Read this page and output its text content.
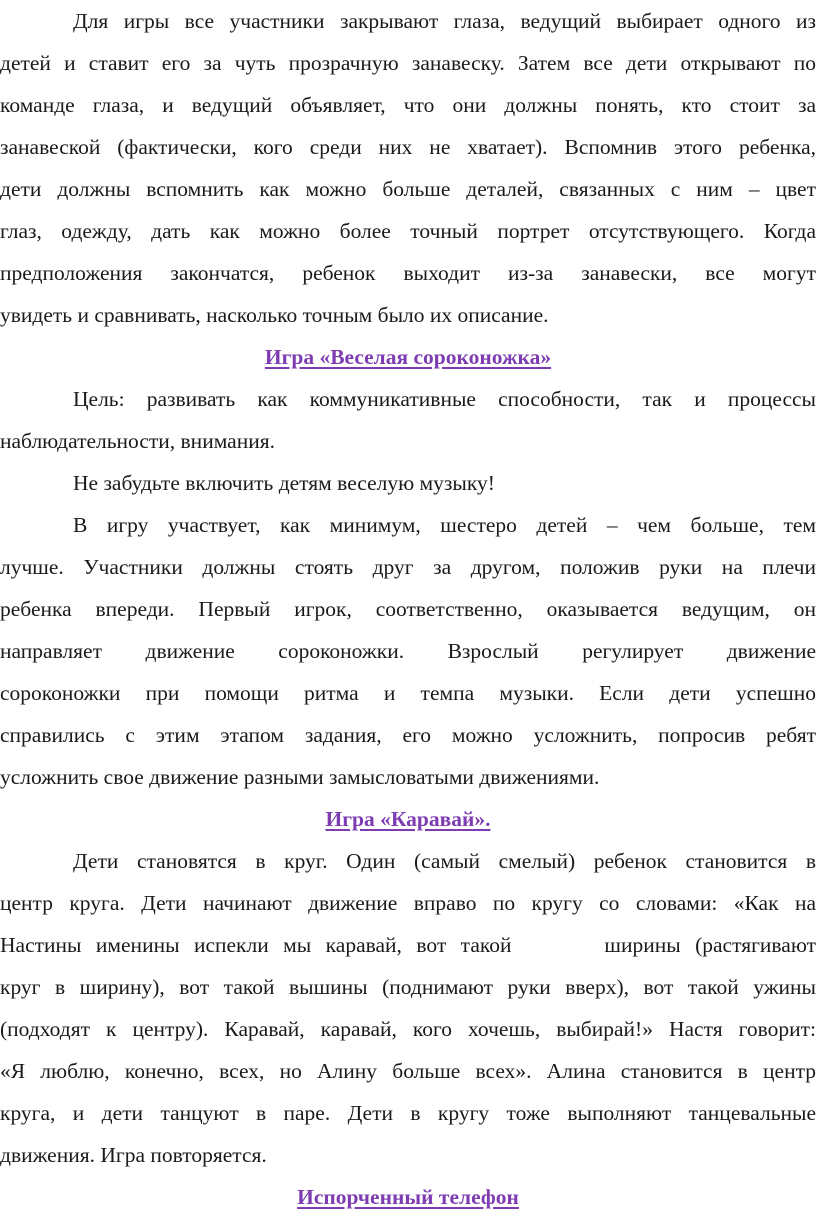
Для игры все участники закрывают глаза, ведущий выбирает одного из
детей и ставит его за чуть прозрачную занавеску. Затем все дети открывают по
команде глаза, и ведущий объявляет, что они должны понять, кто стоит за
занавеской (фактически, кого среди них не хватает). Вспомнив этого ребенка,
дети должны вспомнить как можно больше деталей, связанных с ним – цвет
глаз, одежду, дать как можно более точный портрет отсутствующего. Когда
предположения закончатся, ребенок выходит из-за занавески, все могут
увидеть и сравнивать, насколько точным было их описание.
Игра «Веселая сороконожка»
Цель: развивать как коммуникативные способности, так и процессы
наблюдательности, внимания.
Не забудьте включить детям веселую музыку!
В игру участвует, как минимум, шестеро детей – чем больше, тем
лучше. Участники должны стоять друг за другом, положив руки на плечи
ребенка впереди. Первый игрок, соответственно, оказывается ведущим, он
направляет движение сороконожки. Взрослый регулирует движение
сороконожки при помощи ритма и темпа музыки. Если дети успешно
справились с этим этапом задания, его можно усложнить, попросив ребят
усложнить свое движение разными замысловатыми движениями.
Игра «Каравай».
Дети становятся в круг. Один (самый смелый) ребенок становится в
центр круга. Дети начинают движение вправо по кругу со словами: «Как на
Настины именины испекли мы каравай, вот такой	ширины (растягивают
круг в ширину), вот такой вышины (поднимают руки вверх), вот такой ужины
(подходят к центру). Каравай, каравай, кого хочешь, выбирай!» Настя говорит:
«Я люблю, конечно, всех, но Алину больше всех». Алина становится в центр
круга, и дети танцуют в паре. Дети в кругу тоже выполняют танцевальные
движения. Игра повторяется.
Испорченный телефон
